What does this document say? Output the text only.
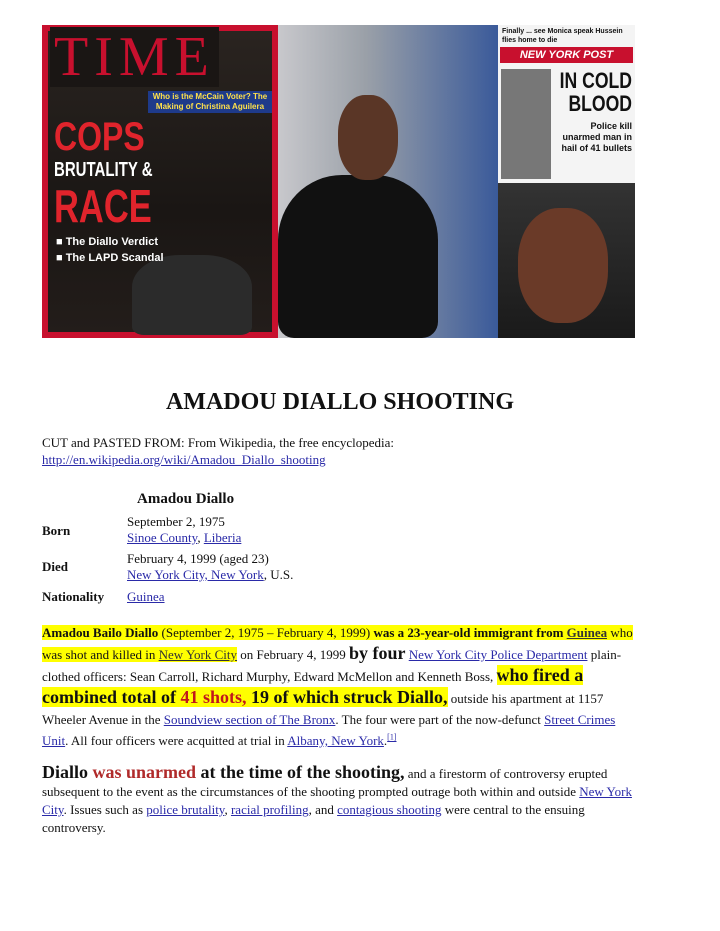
TIME
Who is the McCain Voter? The Making of Christina Aguilera
COPS
BRUTALITY &
RACE
■ The Diallo Verdict
■ The LAPD Scandal
Finally ... see Monica speak Hussein flies home to die
NEW YORK POST
IN COLD BLOOD
Police kill unarmed man in hail of 41 bullets
AMADOU DIALLO SHOOTING
CUT and PASTED FROM: From Wikipedia, the free encyclopedia:
http://en.wikipedia.org/wiki/Amadou_Diallo_shooting
Amadou Diallo
Born
September 2, 1975
Sinoe County, Liberia
Died
February 4, 1999 (aged 23)
New York City, New York, U.S.
Nationality Guinea
Amadou Bailo Diallo (September 2, 1975 – February 4, 1999) was a 23-year-old immigrant from Guinea who was shot and killed in New York City on February 4, 1999 by four New York City Police Department plain-clothed officers: Sean Carroll, Richard Murphy, Edward McMellon and Kenneth Boss, who fired a combined total of 41 shots, 19 of which struck Diallo, outside his apartment at 1157 Wheeler Avenue in the Soundview section of The Bronx. The four were part of the now-defunct Street Crimes Unit. All four officers were acquitted at trial in Albany, New York.[1]
Diallo was unarmed at the time of the shooting, and a firestorm of controversy erupted subsequent to the event as the circumstances of the shooting prompted outrage both within and outside New York City. Issues such as police brutality, racial profiling, and contagious shooting were central to the ensuing controversy.
